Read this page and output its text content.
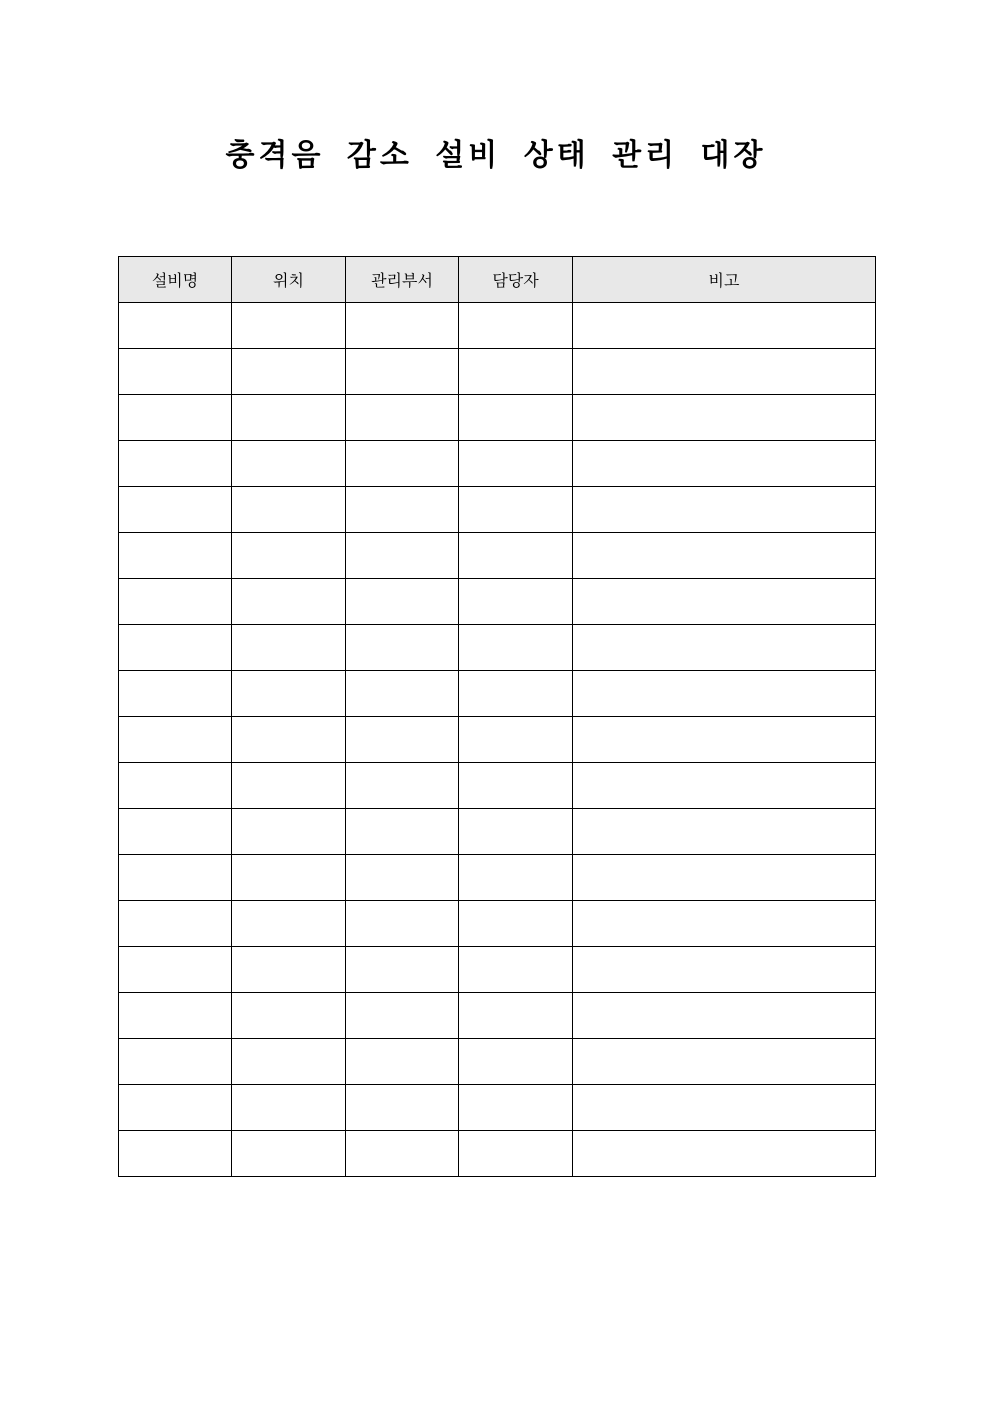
충격음 감소 설비 상태 관리 대장
설비명	위치	관리부서	담당자	비고
